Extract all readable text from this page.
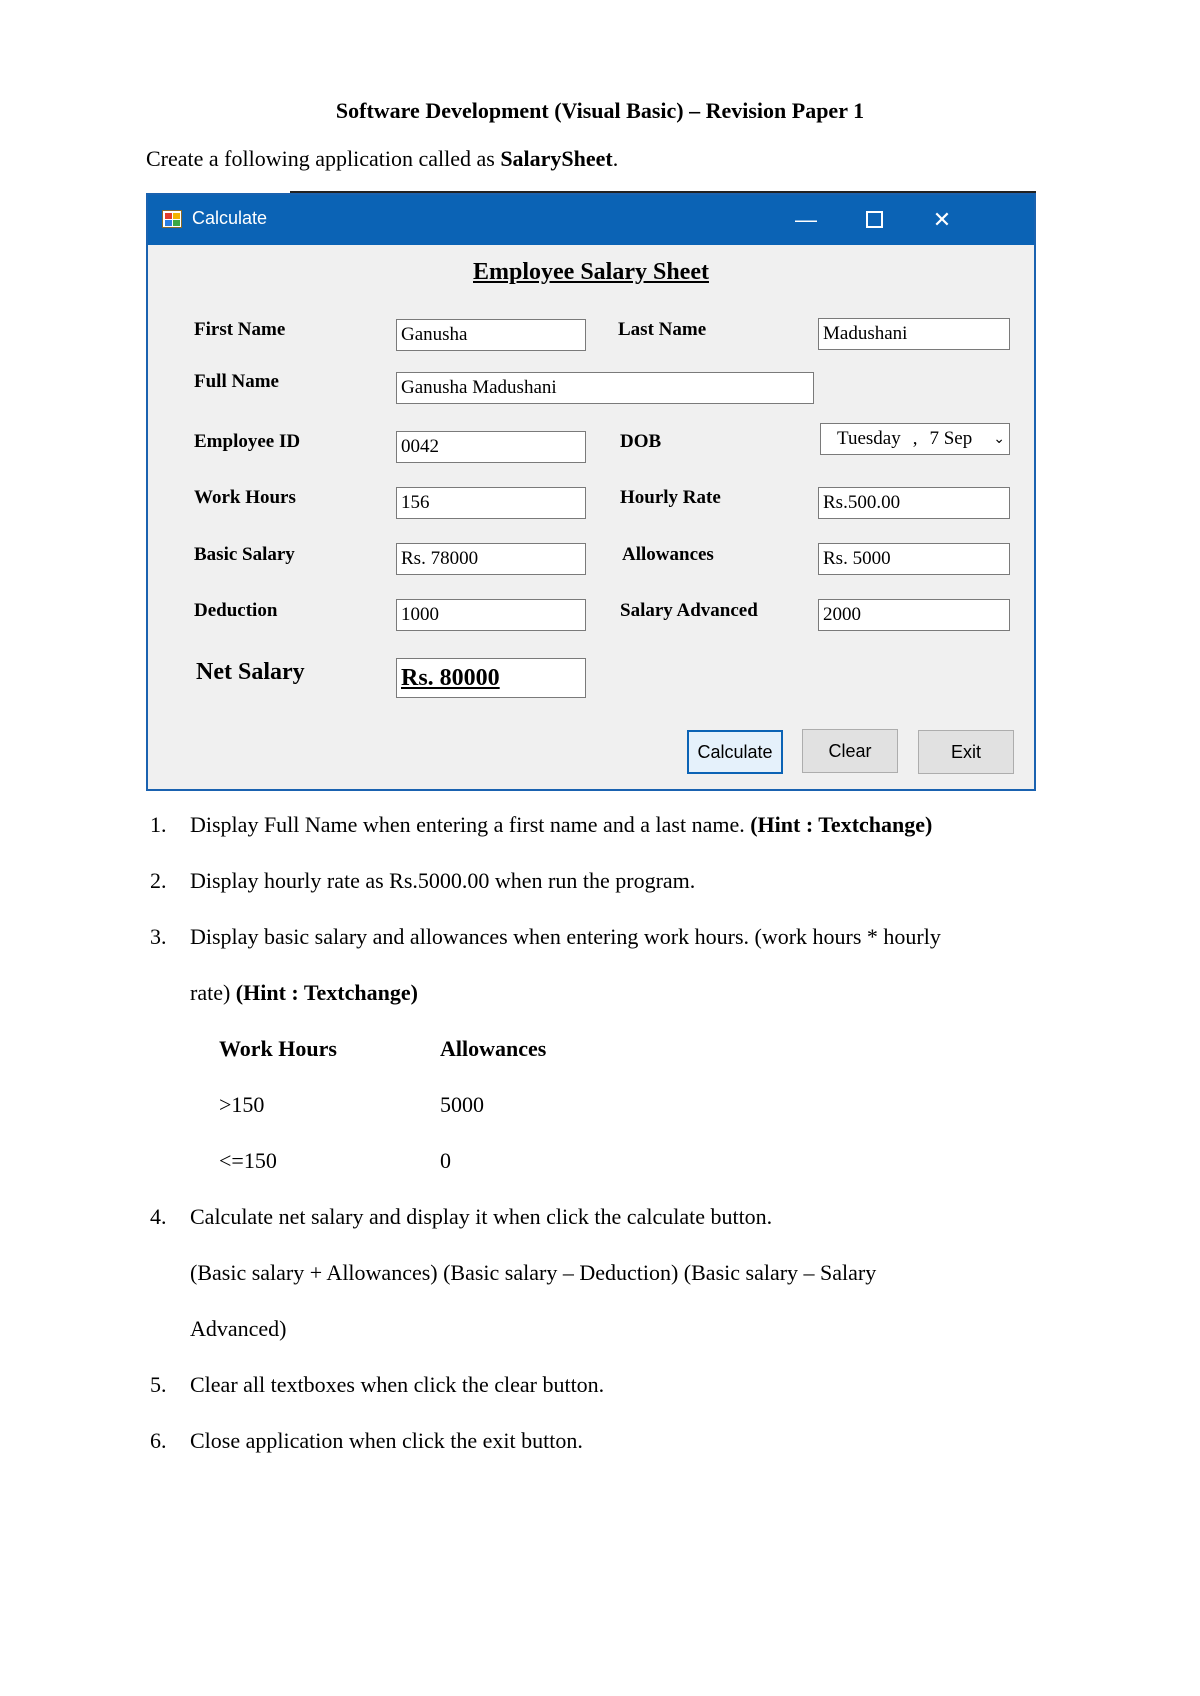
Software Development (Visual Basic) – Revision Paper 1
Create a following application called as SalarySheet.
Calculate	—	✕
Employee Salary Sheet
First Name	Ganusha	Last Name	Madushani
Full Name	Ganusha Madushani
Employee ID	0042	DOB	Tuesday , 7 Sep ⌄
Work Hours	156	Hourly Rate	Rs.500.00
Basic Salary	Rs. 78000	Allowances	Rs. 5000
Deduction	1000	Salary Advanced	2000
Net Salary	Rs. 80000
Calculate	Clear	Exit
1. Display Full Name when entering a first name and a last name. (Hint : Textchange)
2. Display hourly rate as Rs.5000.00 when run the program.
3. Display basic salary and allowances when entering work hours. (work hours * hourly
rate) (Hint : Textchange)
Work Hours	Allowances
>150	5000
<=150	0
4. Calculate net salary and display it when click the calculate button.
(Basic salary + Allowances) (Basic salary – Deduction) (Basic salary – Salary
Advanced)
5. Clear all textboxes when click the clear button.
6. Close application when click the exit button.
